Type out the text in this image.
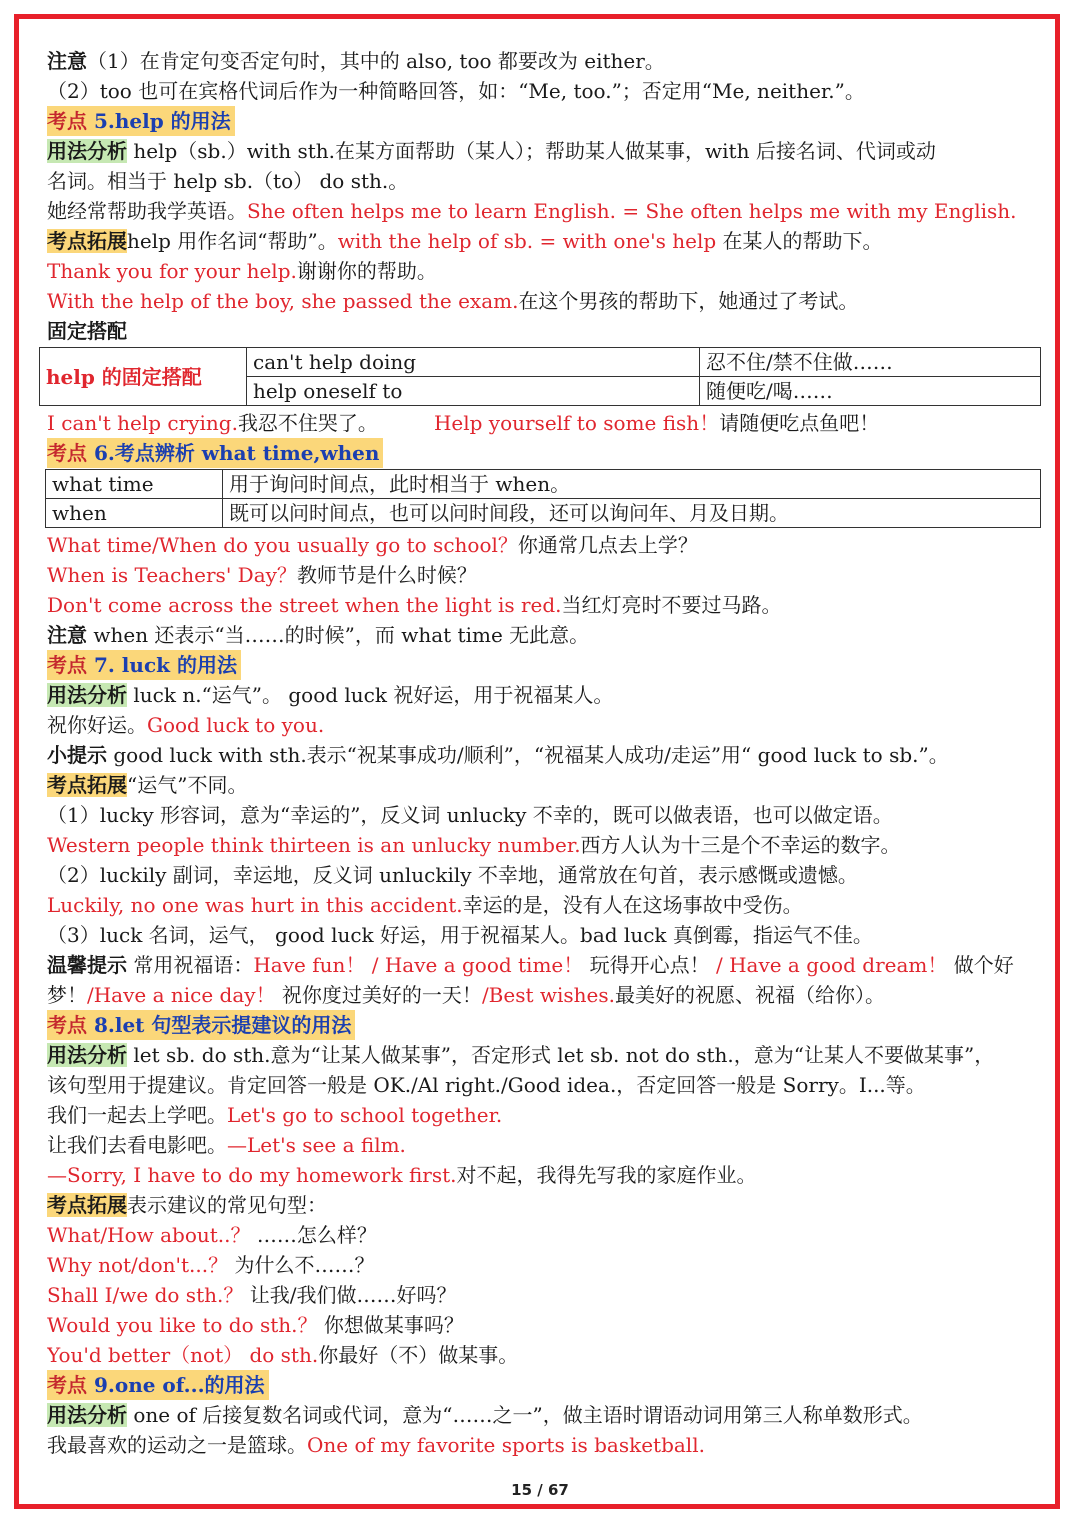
注意（1）在肯定句变否定句时，其中的 also, too 都要改为 either。
（2）too 也可在宾格代词后作为一种简略回答，如：“Me, too.”；否定用“Me, neither.”。
考点 5.help 的用法
用法分析 help（sb.）with sth.在某方面帮助（某人）；帮助某人做某事，with 后接名词、代词或动
名词。相当于 help sb.（to） do sth.。
她经常帮助我学英语。She often helps me to learn English. = She often helps me with my English.
考点拓展help 用作名词“帮助”。with the help of sb. = with one's help 在某人的帮助下。
Thank you for your help.谢谢你的帮助。
With the help of the boy, she passed the exam.在这个男孩的帮助下，她通过了考试。
固定搭配
help 的固定搭配	can't help doing	忍不住/禁不住做……
	help oneself to	随便吃/喝……
I can't help crying.我忍不住哭了。	Help yourself to some fish！请随便吃点鱼吧！
考点 6.考点辨析 what time,when
what time	用于询问时间点，此时相当于 when。
when	既可以问时间点，也可以问时间段，还可以询问年、月及日期。
What time/When do you usually go to school？你通常几点去上学？
When is Teachers' Day？教师节是什么时候？
Don't come across the street when the light is red.当红灯亮时不要过马路。
注意 when 还表示“当……的时候”，而 what time 无此意。
考点 7. luck 的用法
用法分析 luck n.“运气”。 good luck 祝好运，用于祝福某人。
祝你好运。Good luck to you.
小提示 good luck with sth.表示“祝某事成功/顺利”，“祝福某人成功/走运”用“ good luck to sb.”。
考点拓展“运气”不同。
（1）lucky 形容词，意为“幸运的”，反义词 unlucky 不幸的，既可以做表语，也可以做定语。
Western people think thirteen is an unlucky number.西方人认为十三是个不幸运的数字。
（2）luckily 副词，幸运地，反义词 unluckily 不幸地，通常放在句首，表示感慨或遗憾。
Luckily, no one was hurt in this accident.幸运的是，没有人在这场事故中受伤。
（3）luck 名词，运气， good luck 好运，用于祝福某人。bad luck 真倒霉，指运气不佳。
温馨提示 常用祝福语：Have fun！ / Have a good time！ 玩得开心点！ / Have a good dream！ 做个好
梦！/Have a nice day！ 祝你度过美好的一天！/Best wishes.最美好的祝愿、祝福（给你）。
考点 8.let 句型表示提建议的用法
用法分析 let sb. do sth.意为“让某人做某事”，否定形式 let sb. not do sth.，意为“让某人不要做某事”，
该句型用于提建议。肯定回答一般是 OK./Al right./Good idea.，否定回答一般是 Sorry。I...等。
我们一起去上学吧。Let's go to school together.
让我们去看电影吧。—Let's see a film.
—Sorry, I have to do my homework first.对不起，我得先写我的家庭作业。
考点拓展表示建议的常见句型：
What/How about..？ ……怎么样？
Why not/don't...？ 为什么不……？
Shall I/we do sth.？ 让我/我们做……好吗？
Would you like to do sth.？ 你想做某事吗？
You'd better（not） do sth.你最好（不）做某事。
考点 9.one of...的用法
用法分析 one of 后接复数名词或代词，意为“……之一”，做主语时谓语动词用第三人称单数形式。
我最喜欢的运动之一是篮球。One of my favorite sports is basketball.
15 / 67
